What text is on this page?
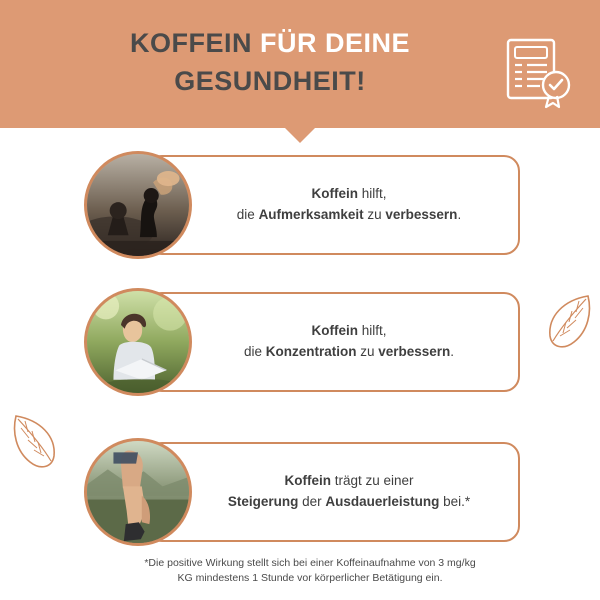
KOFFEIN FÜR DEINE
GESUNDHEIT!
Koffein hilft,
die Aufmerksamkeit zu verbessern.
Koffein hilft,
die Konzentration zu verbessern.
Koffein trägt zu einer
Steigerung der Ausdauerleistung bei.*
*Die positive Wirkung stellt sich bei einer Koffeinaufnahme von 3 mg/kg
KG mindestens 1 Stunde vor körperlicher Betätigung ein.
